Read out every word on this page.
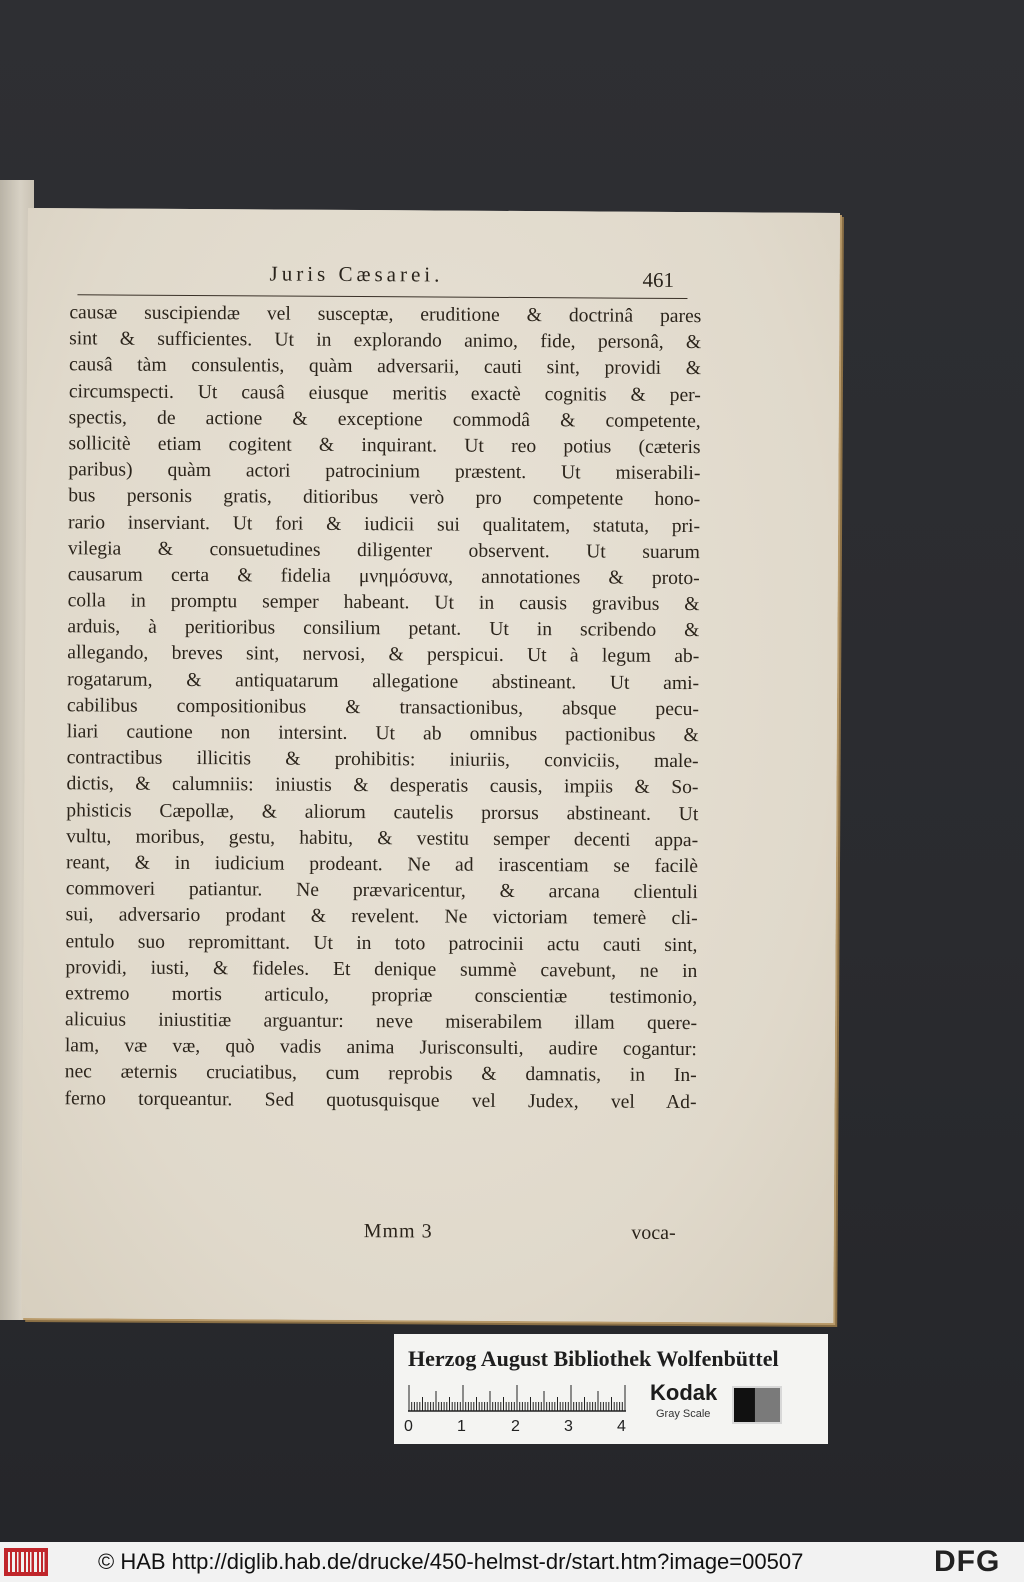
Juris Cæsarei.	461
causæ suscipiendæ vel susceptæ, eruditione & doctrinâ pares
sint & sufficientes. Ut in explorando animo, fide, personâ, &
causâ tàm consulentis, quàm adversarii, cauti sint, providi &
circumspecti. Ut causâ eiusque meritis exactè cognitis & per-
spectis, de actione & exceptione commodâ & competente,
sollicitè etiam cogitent & inquirant. Ut reo potius (cæteris
paribus) quàm actori patrocinium præstent. Ut miserabili-
bus personis gratis, ditioribus verò pro competente hono-
rario inserviant. Ut fori & iudicii sui qualitatem, statuta, pri-
vilegia & consuetudines diligenter observent. Ut suarum
causarum certa & fidelia μνημόσυνα, annotationes & proto-
colla in promptu semper habeant. Ut in causis gravibus &
arduis, à peritioribus consilium petant. Ut in scribendo &
allegando, breves sint, nervosi, & perspicui. Ut à legum ab-
rogatarum, & antiquatarum allegatione abstineant. Ut ami-
cabilibus compositionibus & transactionibus, absque pecu-
liari cautione non intersint. Ut ab omnibus pactionibus &
contractibus illicitis & prohibitis: iniuriis, conviciis, male-
dictis, & calumniis: iniustis & desperatis causis, impiis & So-
phisticis Cæpollæ, & aliorum cautelis prorsus abstineant. Ut
vultu, moribus, gestu, habitu, & vestitu semper decenti appa-
reant, & in iudicium prodeant. Ne ad irascentiam se facilè
commoveri patiantur. Ne prævaricentur, & arcana clientuli
sui, adversario prodant & revelent. Ne victoriam temerè cli-
entulo suo repromittant. Ut in toto patrocinii actu cauti sint,
providi, iusti, & fideles. Et denique summè cavebunt, ne in
extremo mortis articulo, propriæ conscientiæ testimonio,
alicuius iniustitiæ arguantur: neve miserabilem illam quere-
lam, væ væ, quò vadis anima Jurisconsulti, audire cogantur:
nec æternis cruciatibus, cum reprobis & damnatis, in In-
ferno torqueantur. Sed quotusquisque vel Judex, vel Ad-
Mmm 3	voca-
Herzog August Bibliothek Wolfenbüttel
0	1	2	3	4
Kodak
Gray Scale
© HAB http://diglib.hab.de/drucke/450-helmst-dr/start.htm?image=00507	DFG
